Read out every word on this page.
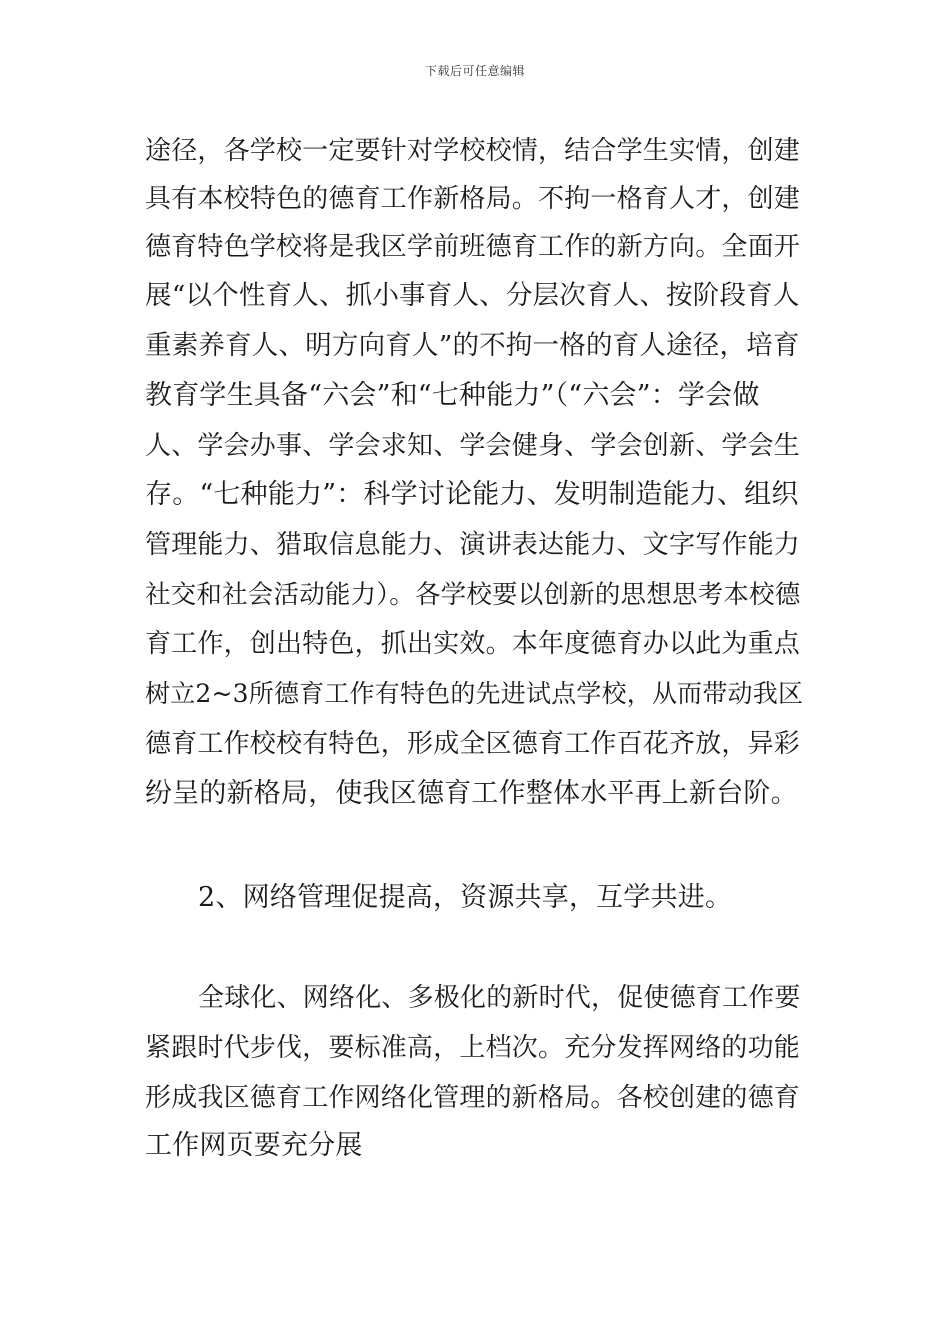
下载后可任意编辑
途径，各学校一定要针对学校校情，结合学生实情，创建
具有本校特色的德育工作新格局。不拘一格育人才，创建
德育特色学校将是我区学前班德育工作的新方向。全面开
展“以个性育人、抓小事育人、分层次育人、按阶段育人
重素养育人、明方向育人”的不拘一格的育人途径，培育
教育学生具备“六会”和“七种能力”（“六会”：学会做
人、学会办事、学会求知、学会健身、学会创新、学会生
存。“七种能力”：科学讨论能力、发明制造能力、组织
管理能力、猎取信息能力、演讲表达能力、文字写作能力
社交和社会活动能力）。各学校要以创新的思想思考本校德
育工作，创出特色，抓出实效。本年度德育办以此为重点
树立2~3所德育工作有特色的先进试点学校，从而带动我区
德育工作校校有特色，形成全区德育工作百花齐放，异彩
纷呈的新格局，使我区德育工作整体水平再上新台阶。
2、网络管理促提高，资源共享，互学共进。
全球化、网络化、多极化的新时代，促使德育工作要
紧跟时代步伐，要标准高，上档次。充分发挥网络的功能
形成我区德育工作网络化管理的新格局。各校创建的德育
工作网页要充分展
